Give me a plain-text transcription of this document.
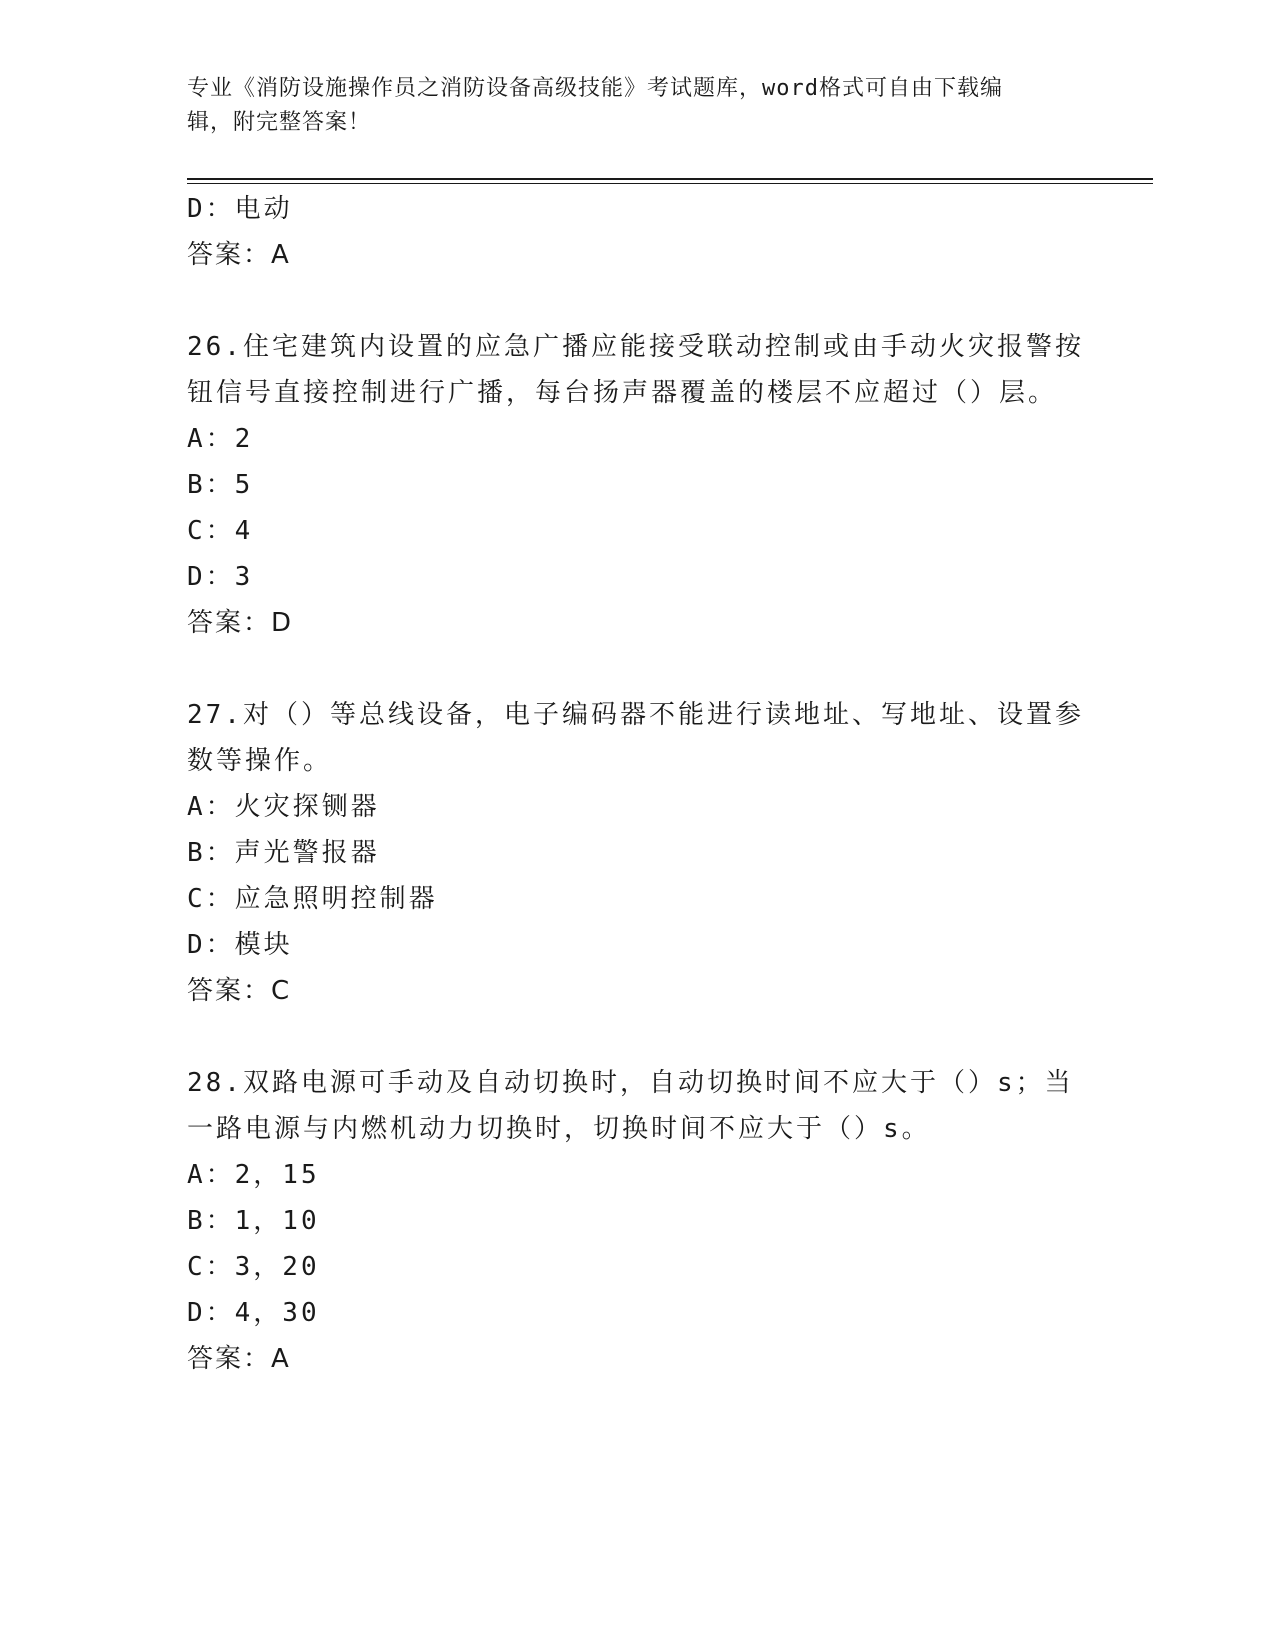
专业《消防设施操作员之消防设备高级技能》考试题库，word格式可自由下载编
辑，附完整答案！
D：电动
答案：A
26.住宅建筑内设置的应急广播应能接受联动控制或由手动火灾报警按
钮信号直接控制进行广播，每台扬声器覆盖的楼层不应超过（）层。
A：2
B：5
C：4
D：3
答案：D
27.对（）等总线设备，电子编码器不能进行读地址、写地址、设置参
数等操作。
A：火灾探铡器
B：声光警报器
C：应急照明控制器
D：模块
答案：C
28.双路电源可手动及自动切换时，自动切换时间不应大于（）s；当
一路电源与内燃机动力切换时，切换时间不应大于（）s。
A：2，15
B：1，10
C：3，20
D：4，30
答案：A
